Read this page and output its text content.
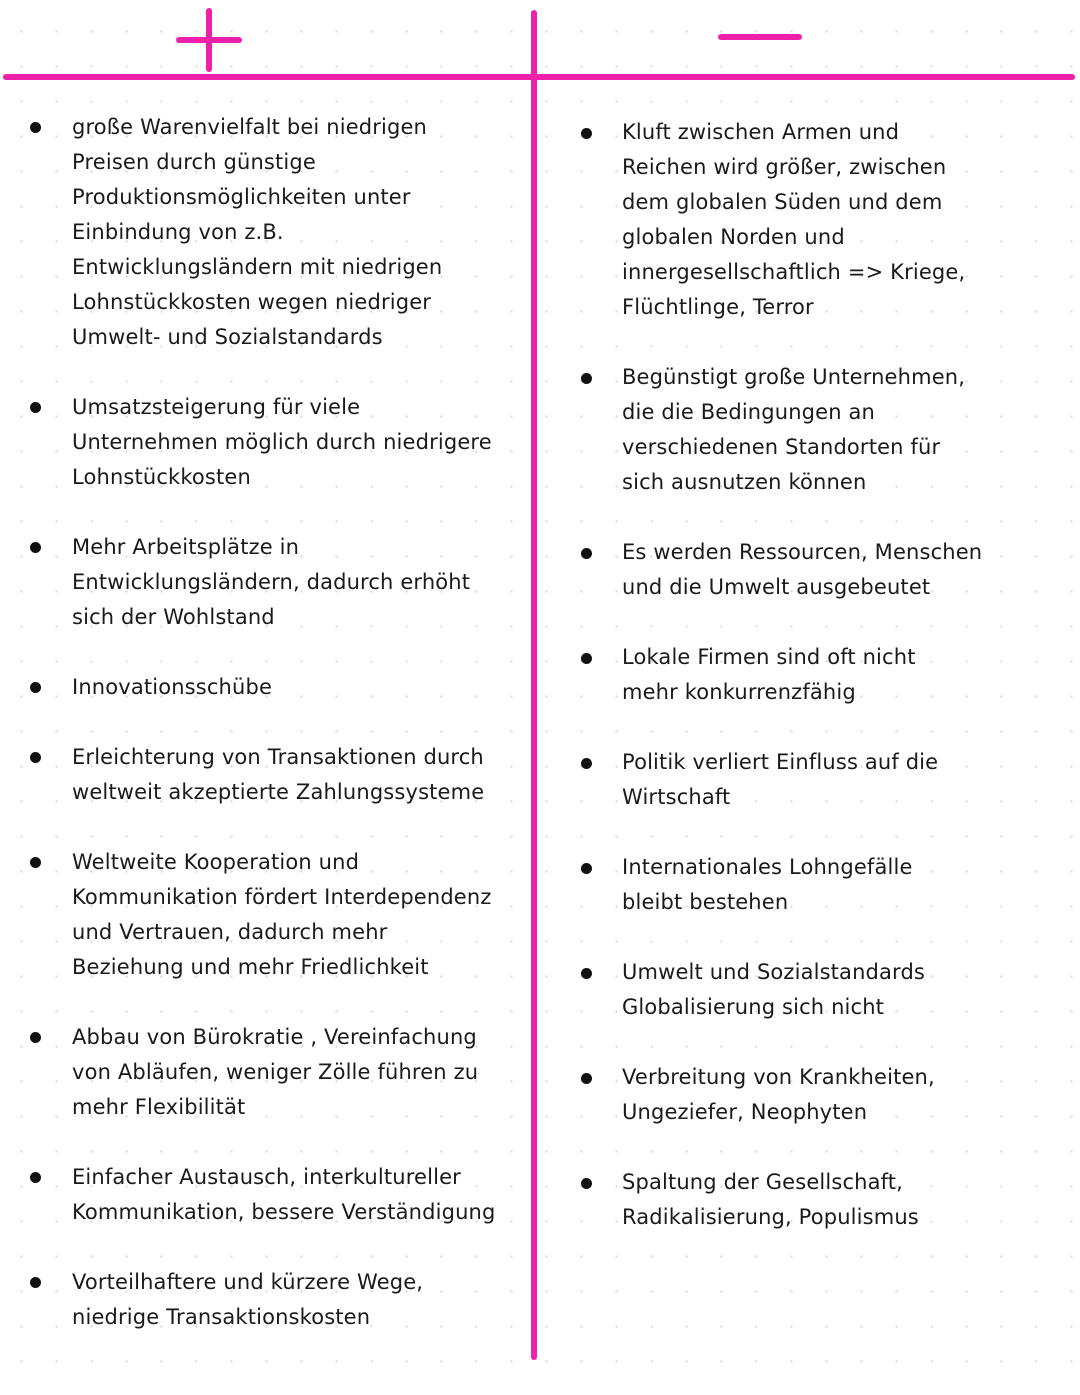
große Warenvielfalt bei niedrigen
Preisen durch günstige
Produktionsmöglichkeiten unter
Einbindung von z.B.
Entwicklungsländern mit niedrigen
Lohnstückkosten wegen niedriger
Umwelt- und Sozialstandards
Umsatzsteigerung für viele
Unternehmen möglich durch niedrigere
Lohnstückkosten
Mehr Arbeitsplätze in
Entwicklungsländern, dadurch erhöht
sich der Wohlstand
Innovationsschübe
Erleichterung von Transaktionen durch
weltweit akzeptierte Zahlungssysteme
Weltweite Kooperation und
Kommunikation fördert Interdependenz
und Vertrauen, dadurch mehr
Beziehung und mehr Friedlichkeit
Abbau von Bürokratie , Vereinfachung
von Abläufen, weniger Zölle führen zu
mehr Flexibilität
Einfacher Austausch, interkultureller
Kommunikation, bessere Verständigung
Vorteilhaftere und kürzere Wege,
niedrige Transaktionskosten
Kluft zwischen Armen und
Reichen wird größer, zwischen
dem globalen Süden und dem
globalen Norden und
innergesellschaftlich => Kriege,
Flüchtlinge, Terror
Begünstigt große Unternehmen,
die die Bedingungen an
verschiedenen Standorten für
sich ausnutzen können
Es werden Ressourcen, Menschen
und die Umwelt ausgebeutet
Lokale Firmen sind oft nicht
mehr konkurrenzfähig
Politik verliert Einfluss auf die
Wirtschaft
Internationales Lohngefälle
bleibt bestehen
Umwelt und Sozialstandards
Globalisierung sich nicht
Verbreitung von Krankheiten,
Ungeziefer, Neophyten
Spaltung der Gesellschaft,
Radikalisierung, Populismus
